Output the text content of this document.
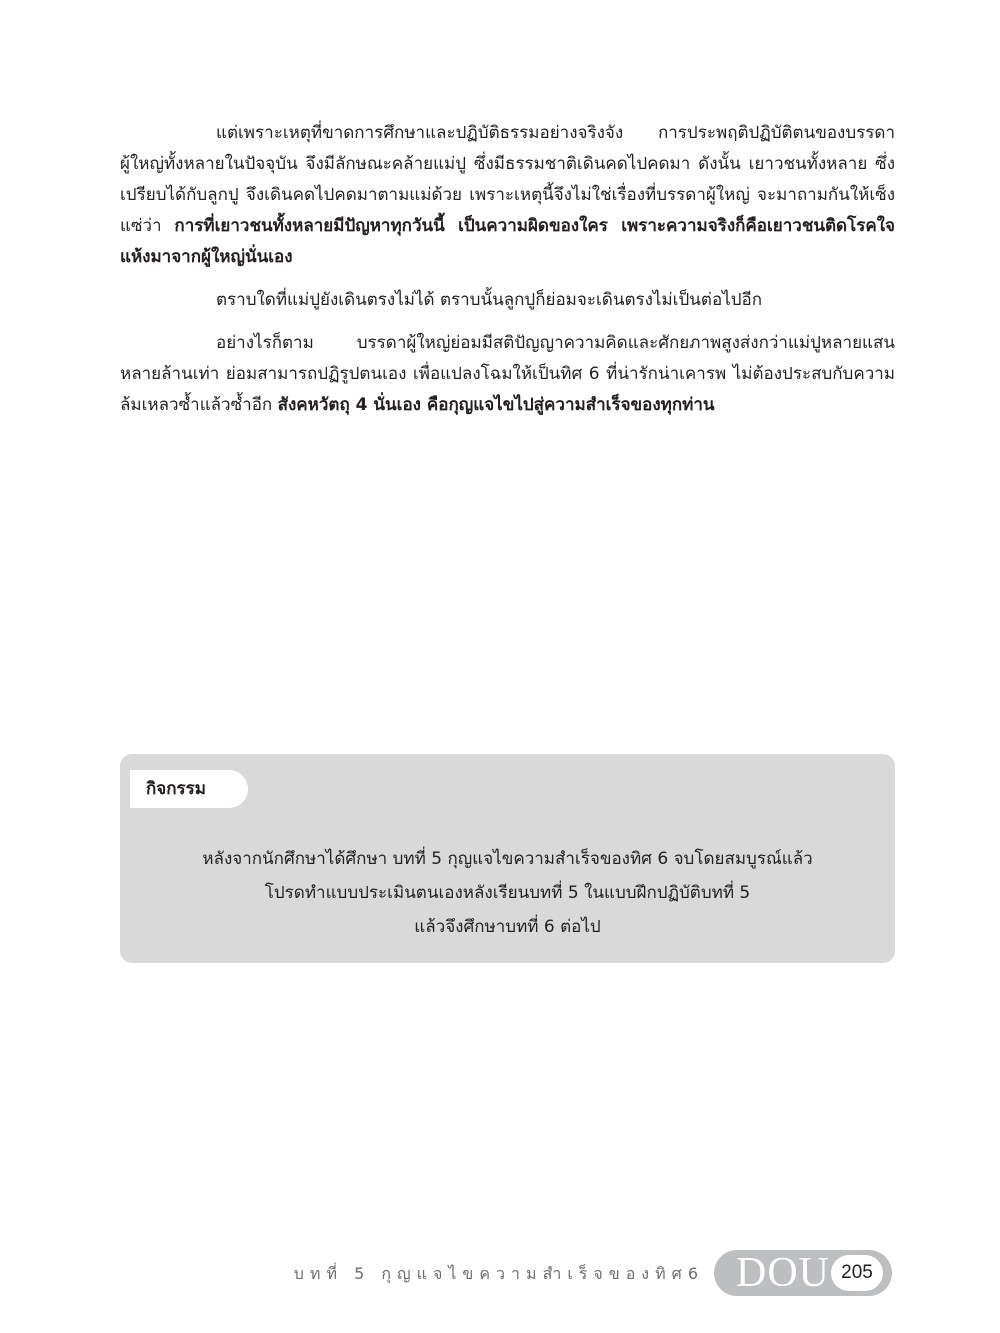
แต่เพราะเหตุที่ขาดการศึกษาและปฏิบัติธรรมอย่างจริงจัง การประพฤติปฏิบัติตนของบรรดาผู้ใหญ่ทั้งหลายในปัจจุบัน จึงมีลักษณะคล้ายแม่ปู ซึ่งมีธรรมชาติเดินคดไปคดมา ดังนั้น เยาวชนทั้งหลาย ซึ่งเปรียบได้กับลูกปู จึงเดินคดไปคดมาตามแม่ด้วย เพราะเหตุนี้จึงไม่ใช่เรื่องที่บรรดาผู้ใหญ่ จะมาถามกันให้เซ็งแซ่ว่า การที่เยาวชนทั้งหลายมีปัญหาทุกวันนี้ เป็นความผิดของใคร เพราะความจริงก็คือเยาวชนติดโรคใจแห้งมาจากผู้ใหญ่นั่นเอง

ตราบใดที่แม่ปูยังเดินตรงไม่ได้ ตราบนั้นลูกปูก็ย่อมจะเดินตรงไม่เป็นต่อไปอีก

อย่างไรก็ตาม บรรดาผู้ใหญ่ย่อมมีสติปัญญาความคิดและศักยภาพสูงส่งกว่าแม่ปูหลายแสนหลายล้านเท่า ย่อมสามารถปฏิรูปตนเอง เพื่อแปลงโฉมให้เป็นทิศ 6 ที่น่ารักน่าเคารพ ไม่ต้องประสบกับความล้มเหลวซ้ำแล้วซ้ำอีก สังคหวัตถุ 4 นั่นเอง คือกุญแจไขไปสู่ความสำเร็จของทุกท่าน

กิจกรรม
หลังจากนักศึกษาได้ศึกษา บทที่ 5 กุญแจไขความสำเร็จของทิศ 6 จบโดยสมบูรณ์แล้ว
โปรดทำแบบประเมินตนเองหลังเรียนบทที่ 5 ในแบบฝึกปฏิบัติบทที่ 5
แล้วจึงศึกษาบทที่ 6 ต่อไป
บทที่ 5 กุญแจไขความสำเร็จของทิศ6 DOU 205
